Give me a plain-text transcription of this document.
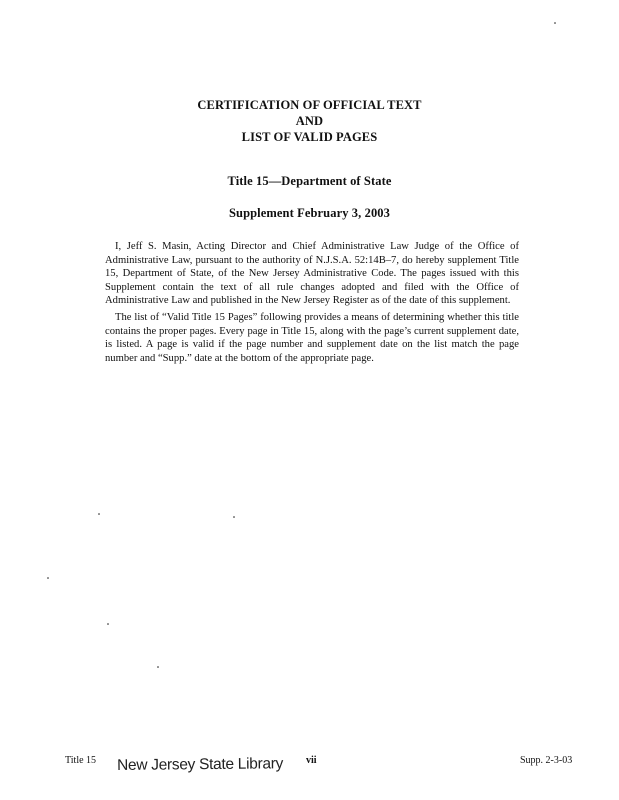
CERTIFICATION OF OFFICIAL TEXT
AND
LIST OF VALID PAGES
Title 15—Department of State
Supplement February 3, 2003

I, Jeff S. Masin, Acting Director and Chief Administrative Law Judge of the Office of Administrative Law, pursuant to the authority of N.J.S.A. 52:14B–7, do hereby supplement Title 15, Department of State, of the New Jersey Administrative Code. The pages issued with this Supplement contain the text of all rule changes adopted and filed with the Office of Administrative Law and published in the New Jersey Register as of the date of this supplement.

The list of “Valid Title 15 Pages” following provides a means of determining whether this title contains the proper pages. Every page in Title 15, along with the page’s current supplement date, is listed. A page is valid if the page number and supplement date on the list match the page number and “Supp.” date at the bottom of the appropriate page.

Title 15 New Jersey State Library vii	Supp. 2-3-03
